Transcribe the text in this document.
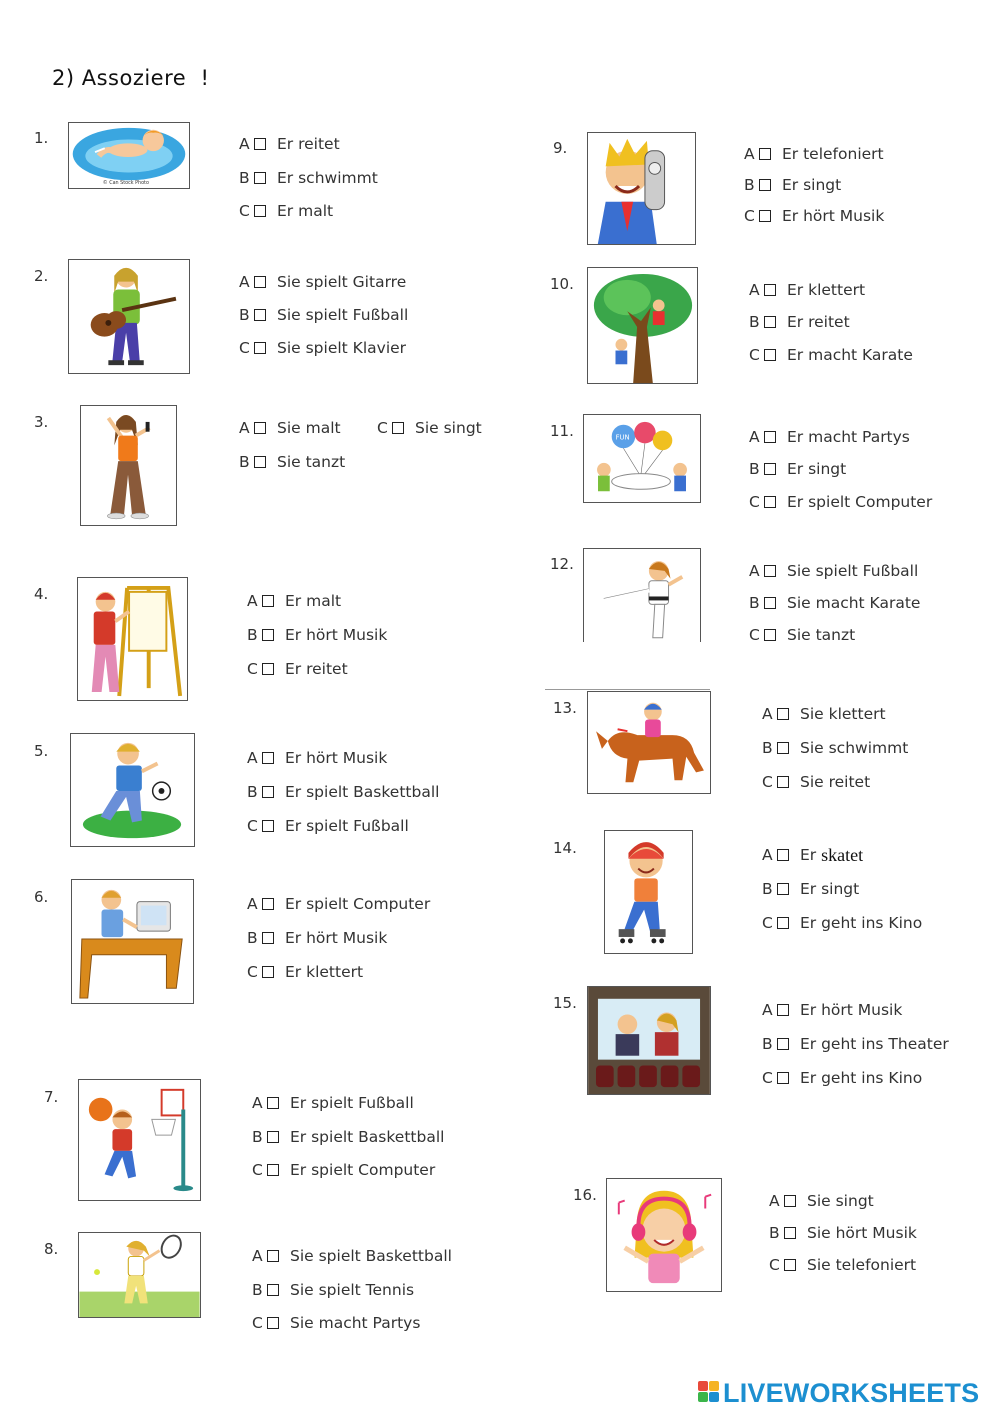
2) Assoziere  !
1.
© Can Stock Photo
A Er reitet
B Er schwimmt
C Er malt
2.	A Sie spielt Gitarre
B Sie spielt Fußball
C Sie spielt Klavier
3.	A Sie malt
B Sie tanzt
C Sie singt
4.	A Er malt
B Er hört Musik
C Er reitet
5.	A Er hört Musik
B Er spielt Baskettball
C Er spielt Fußball
6.	A Er spielt Computer
B Er hört Musik
C Er klettert
7.	A Er spielt Fußball
B Er spielt Baskettball
C Er spielt Computer
8.	A Sie spielt Baskettball
B Sie spielt Tennis
C Sie macht Partys
9.	A Er telefoniert
B Er singt
C Er hört Musik
10.	A Er klettert
B Er reitet
C Er macht Karate
11.	FUN	A Er macht Partys
B Er singt
C Er spielt Computer
12.	A Sie spielt Fußball
B Sie macht Karate
C Sie tanzt
13.	A Sie klettert
B Sie schwimmt
C Sie reitet
14.	A Er skatet
B Er singt
C Er geht ins Kino
15.	A Er hört Musik
B Er geht ins Theater
C Er geht ins Kino
16.	A Sie singt
B Sie hört Musik
C Sie telefoniert
LIVEWORKSHEETS
